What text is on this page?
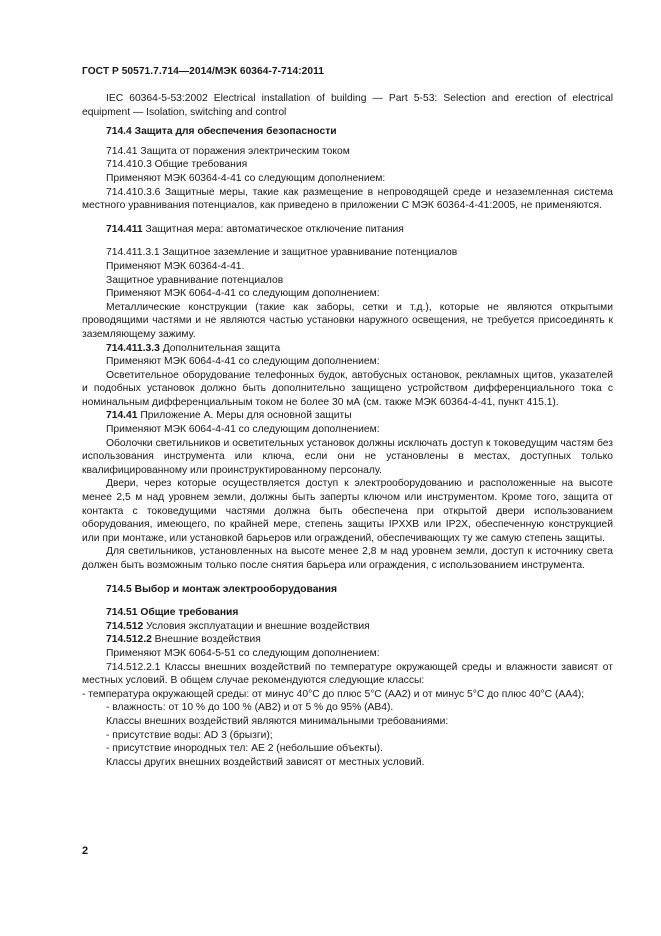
ГОСТ Р 50571.7.714—2014/МЭК 60364-7-714:2011

IEC 60364-5-53:2002 Electrical installation of building — Part 5-53: Selection and erection of electrical equipment — Isolation, switching and control

714.4 Защита для обеспечения безопасности

714.41 Защита от поражения электрическим током

714.410.3 Общие требования

Применяют МЭК 60364-4-41 со следующим дополнением:

714.410.3.6 Защитные меры, такие как размещение в непроводящей среде и незаземленная система местного уравнивания потенциалов, как приведено в приложении С МЭК 60364-4-41:2005, не применяются.

714.411 Защитная мера: автоматическое отключение питания

714.411.3.1 Защитное заземление и защитное уравнивание потенциалов

Применяют МЭК 60364-4-41.

Защитное уравнивание потенциалов

Применяют МЭК 6064-4-41 со следующим дополнением:

Металлические конструкции (такие как заборы, сетки и т.д.), которые не являются открытыми проводящими частями и не являются частью установки наружного освещения, не требуется присоединять к заземляющему зажиму.

714.411.3.3 Дополнительная защита

Применяют МЭК 6064-4-41 со следующим дополнением:

Осветительное оборудование телефонных будок, автобусных остановок, рекламных щитов, указателей и подобных установок должно быть дополнительно защищено устройством дифференциального тока с номинальным дифференциальным током не более 30 мА (см. также МЭК 60364-4-41, пункт 415.1).

714.41 Приложение А. Меры для основной защиты

Применяют МЭК 6064-4-41 со следующим дополнением:

Оболочки светильников и осветительных установок должны исключать доступ к токоведущим частям без использования инструмента или ключа, если они не установлены в местах, доступных только квалифицированному или проинструктированному персоналу.

Двери, через которые осуществляется доступ к электрооборудованию и расположенные на высоте менее 2,5 м над уровнем земли, должны быть заперты ключом или инструментом. Кроме того, защита от контакта с токоведущими частями должна быть обеспечена при открытой двери использованием оборудования, имеющего, по крайней мере, степень защиты IPXXB или IP2X, обеспеченную конструкцией или при монтаже, или установкой барьеров или ограждений, обеспечивающих ту же самую степень защиты.

Для светильников, установленных на высоте менее 2,8 м над уровнем земли, доступ к источнику света должен быть возможным только после снятия барьера или ограждения, с использованием инструмента.

714.5 Выбор и монтаж электрооборудования

714.51 Общие требования

714.512 Условия эксплуатации и внешние воздействия

714.512.2 Внешние воздействия

Применяют МЭК 6064-5-51 со следующим дополнением:

714.512.2.1 Классы внешних воздействий по температуре окружающей среды и влажности зависят от местных условий. В общем случае рекомендуются следующие классы:

- температура окружающей среды: от минус 40°С до плюс 5°С (АА2) и от минус 5°С до плюс 40°С (АА4);

- влажность: от 10 % до 100 % (АВ2) и от 5 % до 95% (АВ4).

Классы внешних воздействий являются минимальными требованиями:

- присутствие воды: AD 3 (брызги);

- присутствие инородных тел: АЕ 2 (небольшие объекты).

Классы других внешних воздействий зависят от местных условий.

2
